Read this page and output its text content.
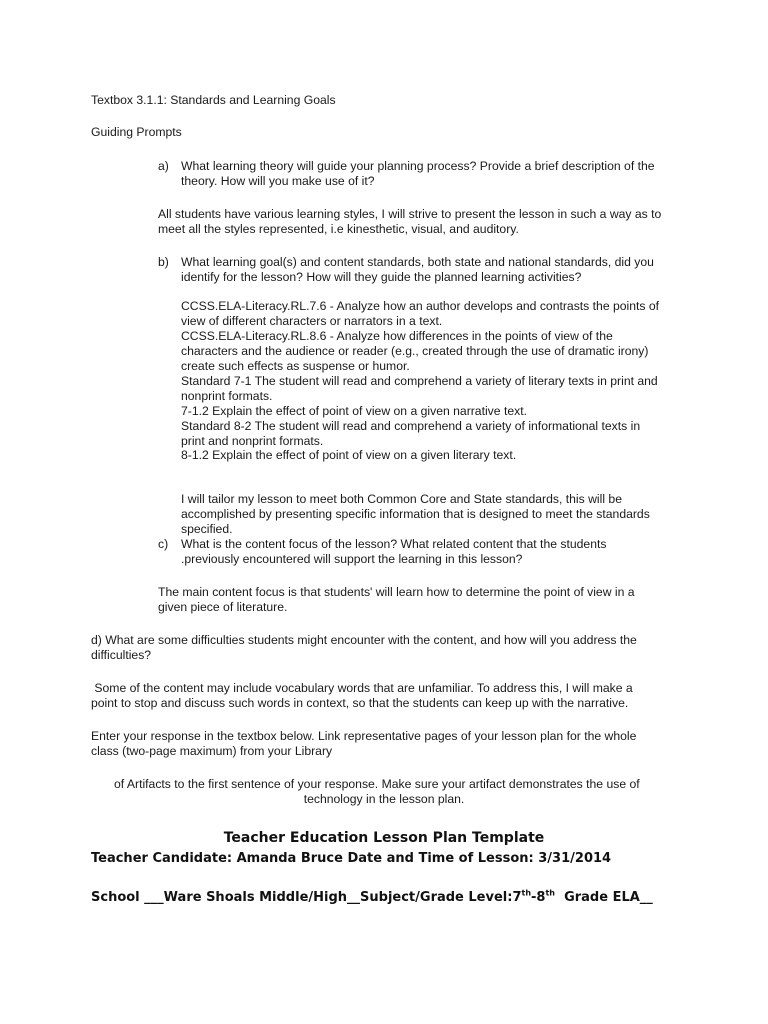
Textbox 3.1.1: Standards and Learning Goals
Guiding Prompts
a) What learning theory will guide your planning process? Provide a brief description of the
theory. How will you make use of it?
All students have various learning styles, I will strive to present the lesson in such a way as to
meet all the styles represented, i.e kinesthetic, visual, and auditory.
b) What learning goal(s) and content standards, both state and national standards, did you
identify for the lesson? How will they guide the planned learning activities?
CCSS.ELA-Literacy.RL.7.6 - Analyze how an author develops and contrasts the points of
view of different characters or narrators in a text.
CCSS.ELA-Literacy.RL.8.6 - Analyze how differences in the points of view of the
characters and the audience or reader (e.g., created through the use of dramatic irony)
create such effects as suspense or humor.
Standard 7-1 The student will read and comprehend a variety of literary texts in print and
nonprint formats.
7-1.2 Explain the effect of point of view on a given narrative text.
Standard 8-2 The student will read and comprehend a variety of informational texts in
print and nonprint formats.
8-1.2 Explain the effect of point of view on a given literary text.
I will tailor my lesson to meet both Common Core and State standards, this will be
accomplished by presenting specific information that is designed to meet the standards
specified.
c) What is the content focus of the lesson? What related content that the students
.previously encountered will support the learning in this lesson?
The main content focus is that students' will learn how to determine the point of view in a
given piece of literature.
d) What are some difficulties students might encounter with the content, and how will you address the
difficulties?
Some of the content may include vocabulary words that are unfamiliar. To address this, I will make a
point to stop and discuss such words in context, so that the students can keep up with the narrative.
Enter your response in the textbox below. Link representative pages of your lesson plan for the whole
class (two-page maximum) from your Library
of Artifacts to the first sentence of your response. Make sure your artifact demonstrates the use of
technology in the lesson plan.
Teacher Education Lesson Plan Template
Teacher Candidate: Amanda Bruce Date and Time of Lesson: 3/31/2014
School ___Ware Shoals Middle/High__Subject/Grade Level:7th-8th  Grade ELA__
